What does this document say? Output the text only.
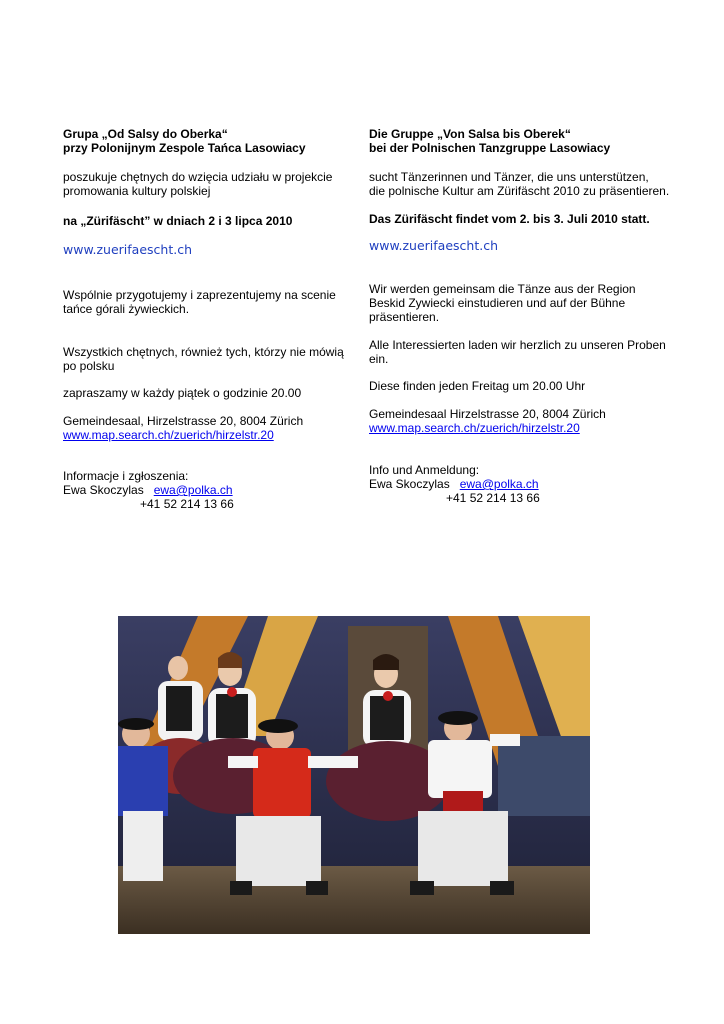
Grupa „Od Salsy do Oberka“

przy Polonijnym Zespole Tańca Lasowiacy

poszukuje chętnych do wzięcia udziału w projekcie

promowania kultury polskiej

na „Zürifäscht” w dniach 2 i 3 lipca 2010

www.zuerifaescht.ch

Wspólnie przygotujemy i zaprezentujemy na scenie

tańce górali żywieckich.

Wszystkich chętnych, również tych, którzy nie mówią

po polsku

zapraszamy w każdy piątek o godzinie 20.00

Gemeindesaal, Hirzelstrasse 20, 8004 Zürich

www.map.search.ch/zuerich/hirzelstr.20

Informacje i zgłoszenia:

Ewa Skoczylas ewa@polka.ch

+41 52 214 13 66

Die Gruppe „Von Salsa bis Oberek“

bei der Polnischen Tanzgruppe Lasowiacy

sucht Tänzerinnen und Tänzer, die uns unterstützen,

die polnische Kultur am Zürifäscht 2010 zu präsentieren.

Das Zürifäscht findet vom 2. bis 3. Juli 2010 statt.

www.zuerifaescht.ch

Wir werden gemeinsam die Tänze aus der Region

Beskid Zywiecki einstudieren und auf der Bühne

präsentieren.

Alle Interessierten laden wir herzlich zu unseren Proben

ein.

Diese finden jeden Freitag um 20.00 Uhr

Gemeindesaal Hirzelstrasse 20, 8004 Zürich

www.map.search.ch/zuerich/hirzelstr.20

Info und Anmeldung:

Ewa Skoczylas ewa@polka.ch

+41 52 214 13 66
